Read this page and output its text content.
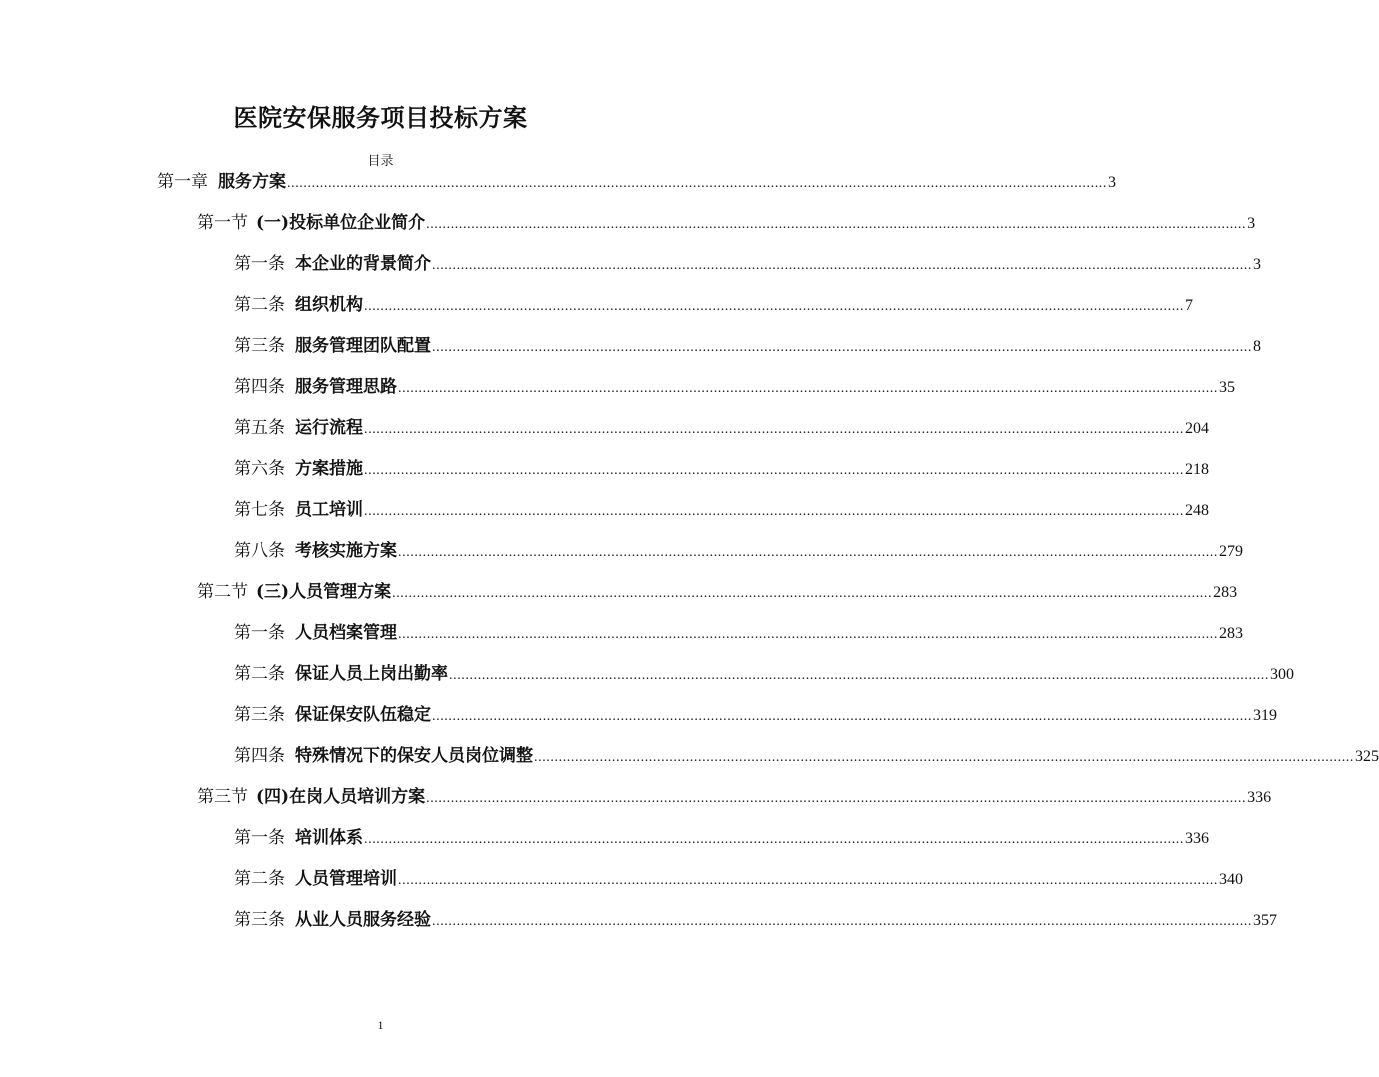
医院安保服务项目投标方案
目录
第一章 服务方案 ........................................................................................................................................................................................................ 3
第一节 (一)投标单位企业简介 ........................................................................................................................................................................................................ 3
第一条 本企业的背景简介 ........................................................................................................................................................................................................ 3
第二条 组织机构 ........................................................................................................................................................................................................ 7
第三条 服务管理团队配置 ........................................................................................................................................................................................................ 8
第四条 服务管理思路 ........................................................................................................................................................................................................ 35
第五条 运行流程 ........................................................................................................................................................................................................ 204
第六条 方案措施 ........................................................................................................................................................................................................ 218
第七条 员工培训 ........................................................................................................................................................................................................ 248
第八条 考核实施方案 ........................................................................................................................................................................................................ 279
第二节 (三)人员管理方案 ........................................................................................................................................................................................................ 283
第一条 人员档案管理 ........................................................................................................................................................................................................ 283
第二条 保证人员上岗出勤率 ........................................................................................................................................................................................................ 300
第三条 保证保安队伍稳定 ........................................................................................................................................................................................................ 319
第四条 特殊情况下的保安人员岗位调整 ........................................................................................................................................................................................................ 325
第三节 (四)在岗人员培训方案 ........................................................................................................................................................................................................ 336
第一条 培训体系 ........................................................................................................................................................................................................ 336
第二条 人员管理培训 ........................................................................................................................................................................................................ 340
第三条 从业人员服务经验 ........................................................................................................................................................................................................ 357
1
